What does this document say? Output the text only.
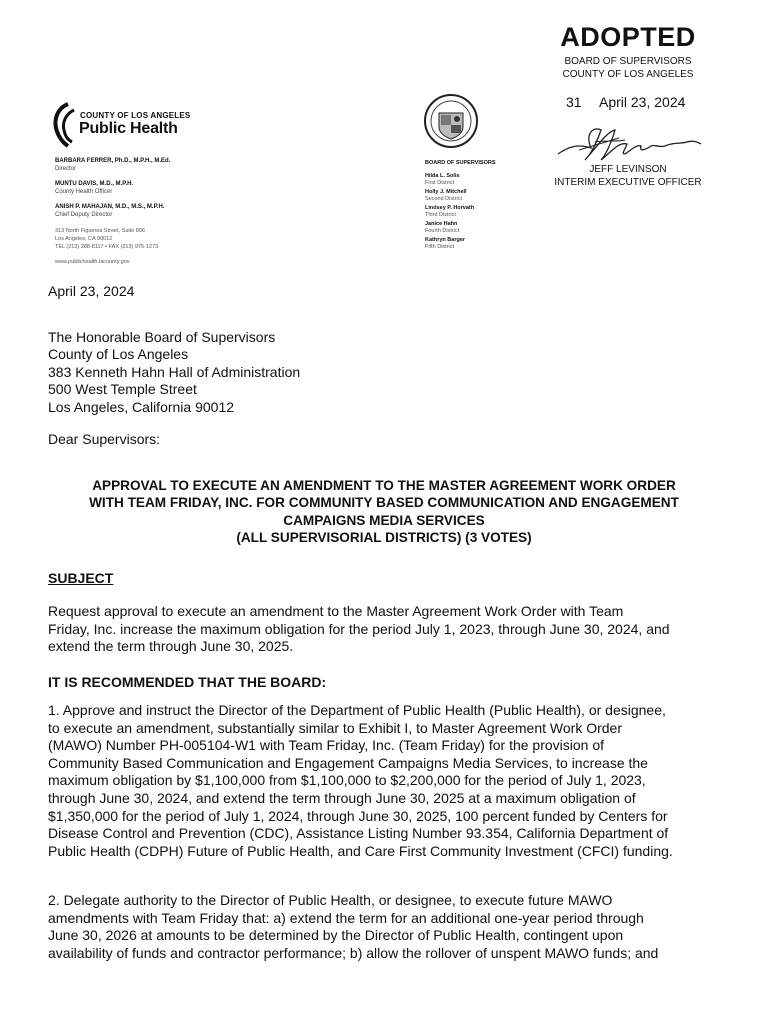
ADOPTED
BOARD OF SUPERVISORS
COUNTY OF LOS ANGELES
31 April 23, 2024
JEFF LEVINSON
INTERIM EXECUTIVE OFFICER
COUNTY OF LOS ANGELES
Public Health
BARBARA FERRER, Ph.D., M.P.H., M.Ed.
Director
MUNTU DAVIS, M.D., M.P.H.
County Health Officer
ANISH P. MAHAJAN, M.D., M.S., M.P.H.
Chief Deputy Director
313 North Figueroa Street, Suite 806
Los Angeles, CA 90012
TEL (213) 288-8117 • FAX (213) 975-1273
www.publichealth.lacounty.gov
BOARD OF SUPERVISORS
Hilda L. Solis
First District
Holly J. Mitchell
Second District
Lindsey P. Horvath
Third District
Janice Hahn
Fourth District
Kathryn Barger
Fifth District
April 23, 2024
The Honorable Board of Supervisors
County of Los Angeles
383 Kenneth Hahn Hall of Administration
500 West Temple Street
Los Angeles, California 90012
Dear Supervisors:
APPROVAL TO EXECUTE AN AMENDMENT TO THE MASTER AGREEMENT WORK ORDER
WITH TEAM FRIDAY, INC. FOR COMMUNITY BASED COMMUNICATION AND ENGAGEMENT
CAMPAIGNS MEDIA SERVICES
(ALL SUPERVISORIAL DISTRICTS) (3 VOTES)
SUBJECT
Request approval to execute an amendment to the Master Agreement Work Order with Team
Friday, Inc. increase the maximum obligation for the period July 1, 2023, through June 30, 2024, and
extend the term through June 30, 2025.
IT IS RECOMMENDED THAT THE BOARD:
1. Approve and instruct the Director of the Department of Public Health (Public Health), or designee,
to execute an amendment, substantially similar to Exhibit I, to Master Agreement Work Order
(MAWO) Number PH-005104-W1 with Team Friday, Inc. (Team Friday) for the provision of
Community Based Communication and Engagement Campaigns Media Services, to increase the
maximum obligation by $1,100,000 from $1,100,000 to $2,200,000 for the period of July 1, 2023,
through June 30, 2024, and extend the term through June 30, 2025 at a maximum obligation of
$1,350,000 for the period of July 1, 2024, through June 30, 2025, 100 percent funded by Centers for
Disease Control and Prevention (CDC), Assistance Listing Number 93.354, California Department of
Public Health (CDPH) Future of Public Health, and Care First Community Investment (CFCI) funding.
2. Delegate authority to the Director of Public Health, or designee, to execute future MAWO
amendments with Team Friday that: a) extend the term for an additional one-year period through
June 30, 2026 at amounts to be determined by the Director of Public Health, contingent upon
availability of funds and contractor performance; b) allow the rollover of unspent MAWO funds; and
